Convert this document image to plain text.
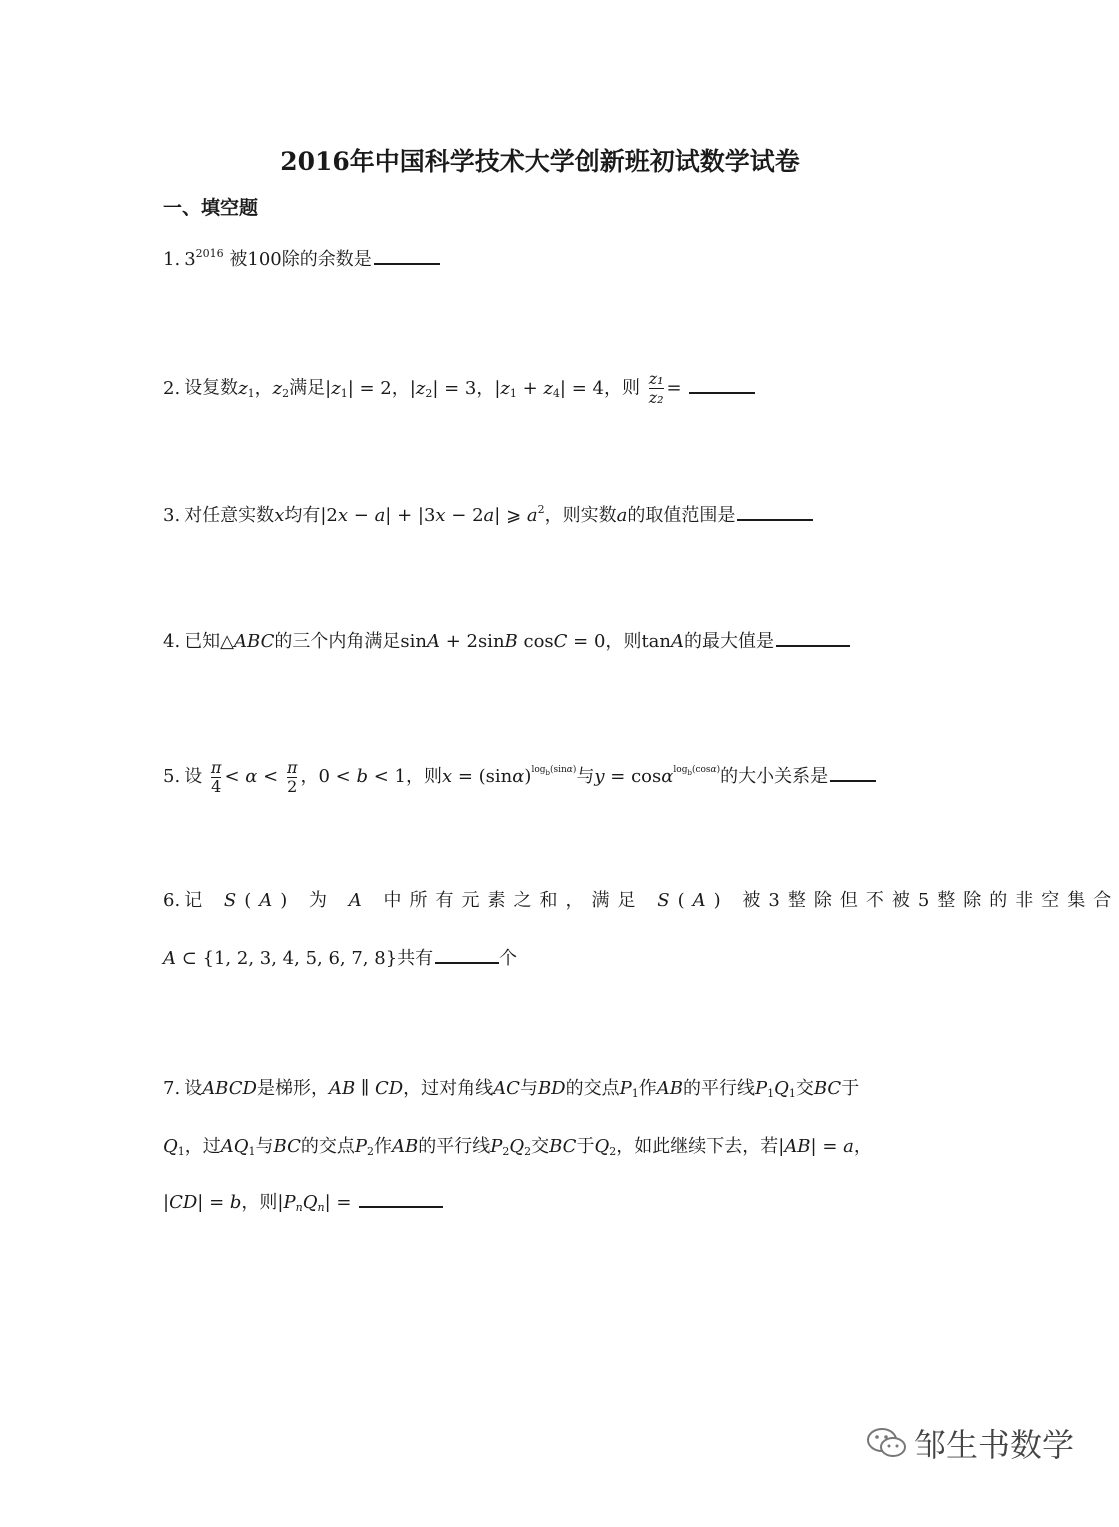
2016年中国科学技术大学创新班初试数学试卷
一、填空题
1. $3^{2016}$ 被100除的余数是
2. 设复数$z_1$，$z_2$满足$|z_1| = 2$，$|z_2| = 3$，$|z_1 + z_4| = 4$，则 $\frac{\text{z₁}}{\text{z₂}}$ =
3. 对任意实数x均有|2x − a| + |3x − 2a| ⩾ $a^2$，则实数a的取值范围是
4. 已知△ABC的三个内角满足sinA + 2sinB cosC = 0，则tanA的最大值是
5. 设 π
4 < α < π
2 ，0 < b < 1，则$x = (\sin\alpha)^{log_b(sin\alpha)}$与y = cosα$^{log_b(cos\alpha)}$的大小关系是
6. 记 S(A) 为 A 中所有元素之和，满足 S(A) 被3整除但不被5整除的非空集合
A ⊂ {1, 2, 3, 4, 5, 6, 7, 8}共有	个
7. 设ABCD是梯形，AB ∥ CD，过对角线AC与BD的交点$P_1$作AB的平行线$P_1Q_1$交BC于
$Q_1$，过$AQ_1$与BC的交点$P_2$作AB的平行线$P_2Q_2$交BC于$Q_2$，如此继续下去，若|AB| = a，
|CD| = b，则$|P_nQ_n|$ =
邹生书数学
